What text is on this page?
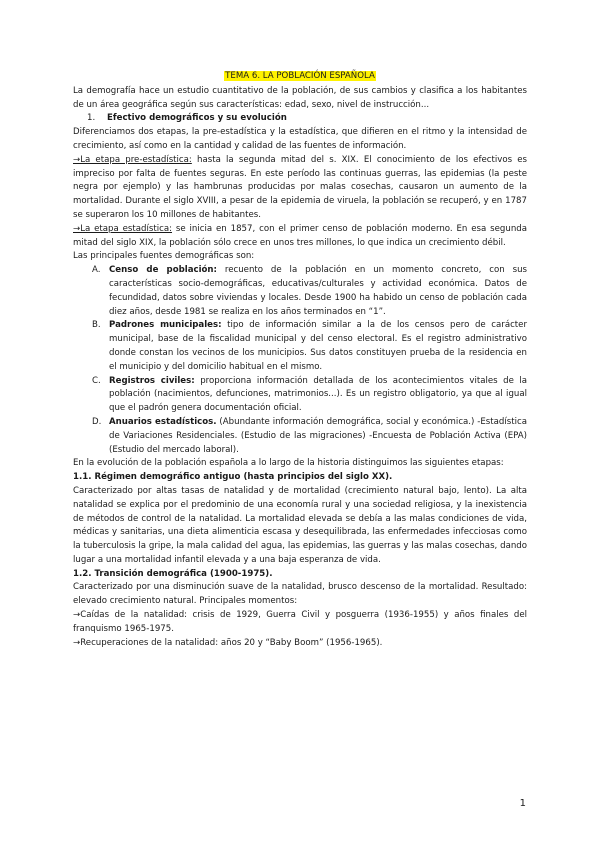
TEMA 6. LA POBLACIÓN ESPAÑOLA

La demografía hace un estudio cuantitativo de la población, de sus cambios y clasifica a los habitantes de un área geográfica según sus características: edad, sexo, nivel de instrucción...

1. Efectivo demográficos y su evolución

Diferenciamos dos etapas, la pre-estadística y la estadística, que difieren en el ritmo y la intensidad de crecimiento, así como en la cantidad y calidad de las fuentes de información.

→La etapa pre-estadística: hasta la segunda mitad del s. XIX. El conocimiento de los efectivos es impreciso por falta de fuentes seguras. En este período las continuas guerras, las epidemias (la peste negra por ejemplo) y las hambrunas producidas por malas cosechas, causaron un aumento de la mortalidad. Durante el siglo XVIII, a pesar de la epidemia de viruela, la población se recuperó, y en 1787 se superaron los 10 millones de habitantes.

→La etapa estadística: se inicia en 1857, con el primer censo de población moderno. En esa segunda mitad del siglo XIX, la población sólo crece en unos tres millones, lo que indica un crecimiento débil.

Las principales fuentes demográficas son:

A. Censo de población: recuento de la población en un momento concreto, con sus características socio-demográficas, educativas/culturales y actividad económica. Datos de fecundidad, datos sobre viviendas y locales. Desde 1900 ha habido un censo de población cada diez años, desde 1981 se realiza en los años terminados en “1”.
B. Padrones municipales: tipo de información similar a la de los censos pero de carácter municipal, base de la fiscalidad municipal y del censo electoral. Es el registro administrativo donde constan los vecinos de los municipios. Sus datos constituyen prueba de la residencia en el municipio y del domicilio habitual en el mismo.
C. Registros civiles: proporciona información detallada de los acontecimientos vitales de la población (nacimientos, defunciones, matrimonios...). Es un registro obligatorio, ya que al igual que el padrón genera documentación oficial.
D. Anuarios estadísticos. (Abundante información demográfica, social y económica.) -Estadística de Variaciones Residenciales. (Estudio de las migraciones) -Encuesta de Población Activa (EPA) (Estudio del mercado laboral).

En la evolución de la población española a lo largo de la historia distinguimos las siguientes etapas:

1.1. Régimen demográfico antiguo (hasta principios del siglo XX).

Caracterizado por altas tasas de natalidad y de mortalidad (crecimiento natural bajo, lento). La alta natalidad se explica por el predominio de una economía rural y una sociedad religiosa, y la inexistencia de métodos de control de la natalidad. La mortalidad elevada se debía a las malas condiciones de vida, médicas y sanitarias, una dieta alimenticia escasa y desequilibrada, las enfermedades infecciosas como la tuberculosis la gripe, la mala calidad del agua, las epidemias, las guerras y las malas cosechas, dando lugar a una mortalidad infantil elevada y a una baja esperanza de vida.

1.2. Transición demográfica (1900-1975).

Caracterizado por una disminución suave de la natalidad, brusco descenso de la mortalidad. Resultado: elevado crecimiento natural. Principales momentos:

→Caídas de la natalidad: crisis de 1929, Guerra Civil y posguerra (1936-1955) y años finales del franquismo 1965-1975.

→Recuperaciones de la natalidad: años 20 y “Baby Boom” (1956-1965).

1
